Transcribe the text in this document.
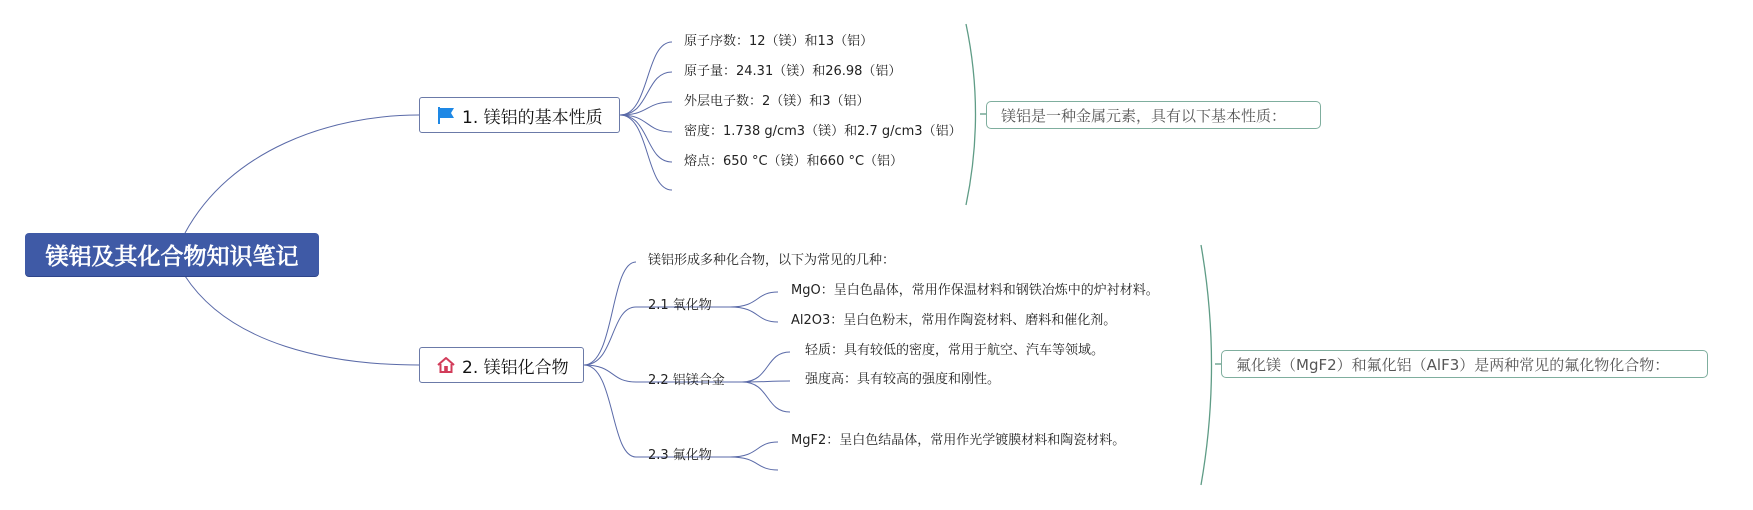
镁铝及其化合物知识笔记
1. 镁铝的基本性质
原子序数：12（镁）和13（铝）
原子量：24.31（镁）和26.98（铝）
外层电子数：2（镁）和3（铝）
密度：1.738 g/cm3（镁）和2.7 g/cm3（铝）
熔点：650 °C（镁）和660 °C（铝）
镁铝是一种金属元素，具有以下基本性质：
2. 镁铝化合物
镁铝形成多种化合物，以下为常见的几种：
2.1 氧化物
MgO：呈白色晶体，常用作保温材料和钢铁冶炼中的炉衬材料。
Al2O3：呈白色粉末，常用作陶瓷材料、磨料和催化剂。
2.2 铝镁合金
轻质：具有较低的密度，常用于航空、汽车等领域。
强度高：具有较高的强度和刚性。
2.3 氟化物
MgF2：呈白色结晶体，常用作光学镀膜材料和陶瓷材料。
氟化镁（MgF2）和氟化铝（AlF3）是两种常见的氟化物化合物：
